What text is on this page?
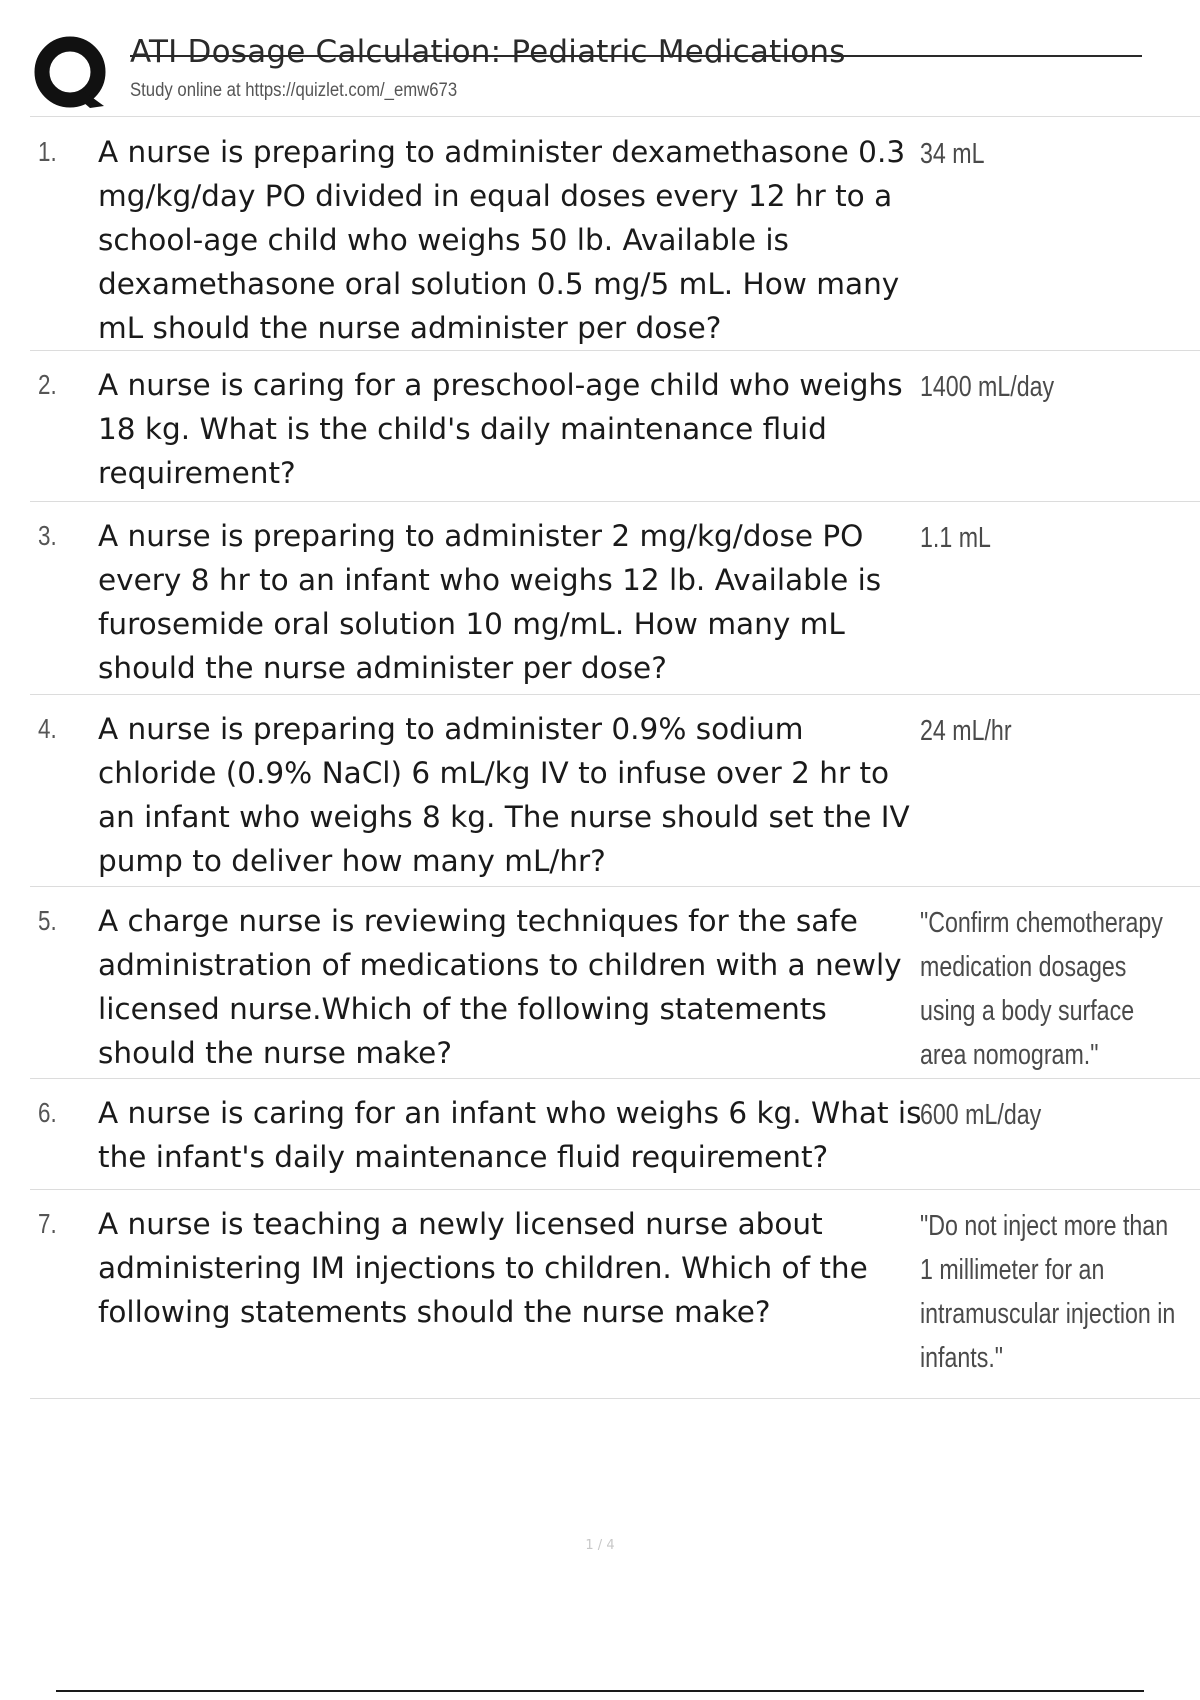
ATI Dosage Calculation: Pediatric Medications
Study online at https://quizlet.com/_emw673
1. A nurse is preparing to administer dexamethasone 0.3 mg/kg/day PO divided in equal doses every 12 hr to a school-age child who weighs 50 lb. Available is dexamethasone oral solution 0.5 mg/5 mL. How many mL should the nurse administer per dose?
34 mL
2. A nurse is caring for a preschool-age child who weighs 18 kg. What is the child's daily maintenance fluid requirement?
1400 mL/day
3. A nurse is preparing to administer 2 mg/kg/dose PO every 8 hr to an infant who weighs 12 lb. Available is furosemide oral solution 10 mg/mL. How many mL should the nurse administer per dose?
1.1 mL
4. A nurse is preparing to administer 0.9% sodium chloride (0.9% NaCl) 6 mL/kg IV to infuse over 2 hr to an infant who weighs 8 kg. The nurse should set the IV pump to deliver how many mL/hr?
24 mL/hr
5. A charge nurse is reviewing techniques for the safe administration of medications to children with a newly licensed nurse.Which of the following statements should the nurse make?
"Confirm chemotherapy medication dosages using a body surface area nomogram."
6. A nurse is caring for an infant who weighs 6 kg. What is the infant's daily maintenance fluid requirement?
600 mL/day
7. A nurse is teaching a newly licensed nurse about administering IM injections to children. Which of the following statements should the nurse make?
"Do not inject more than 1 millimeter for an intramuscular injection in infants."
1 / 4
